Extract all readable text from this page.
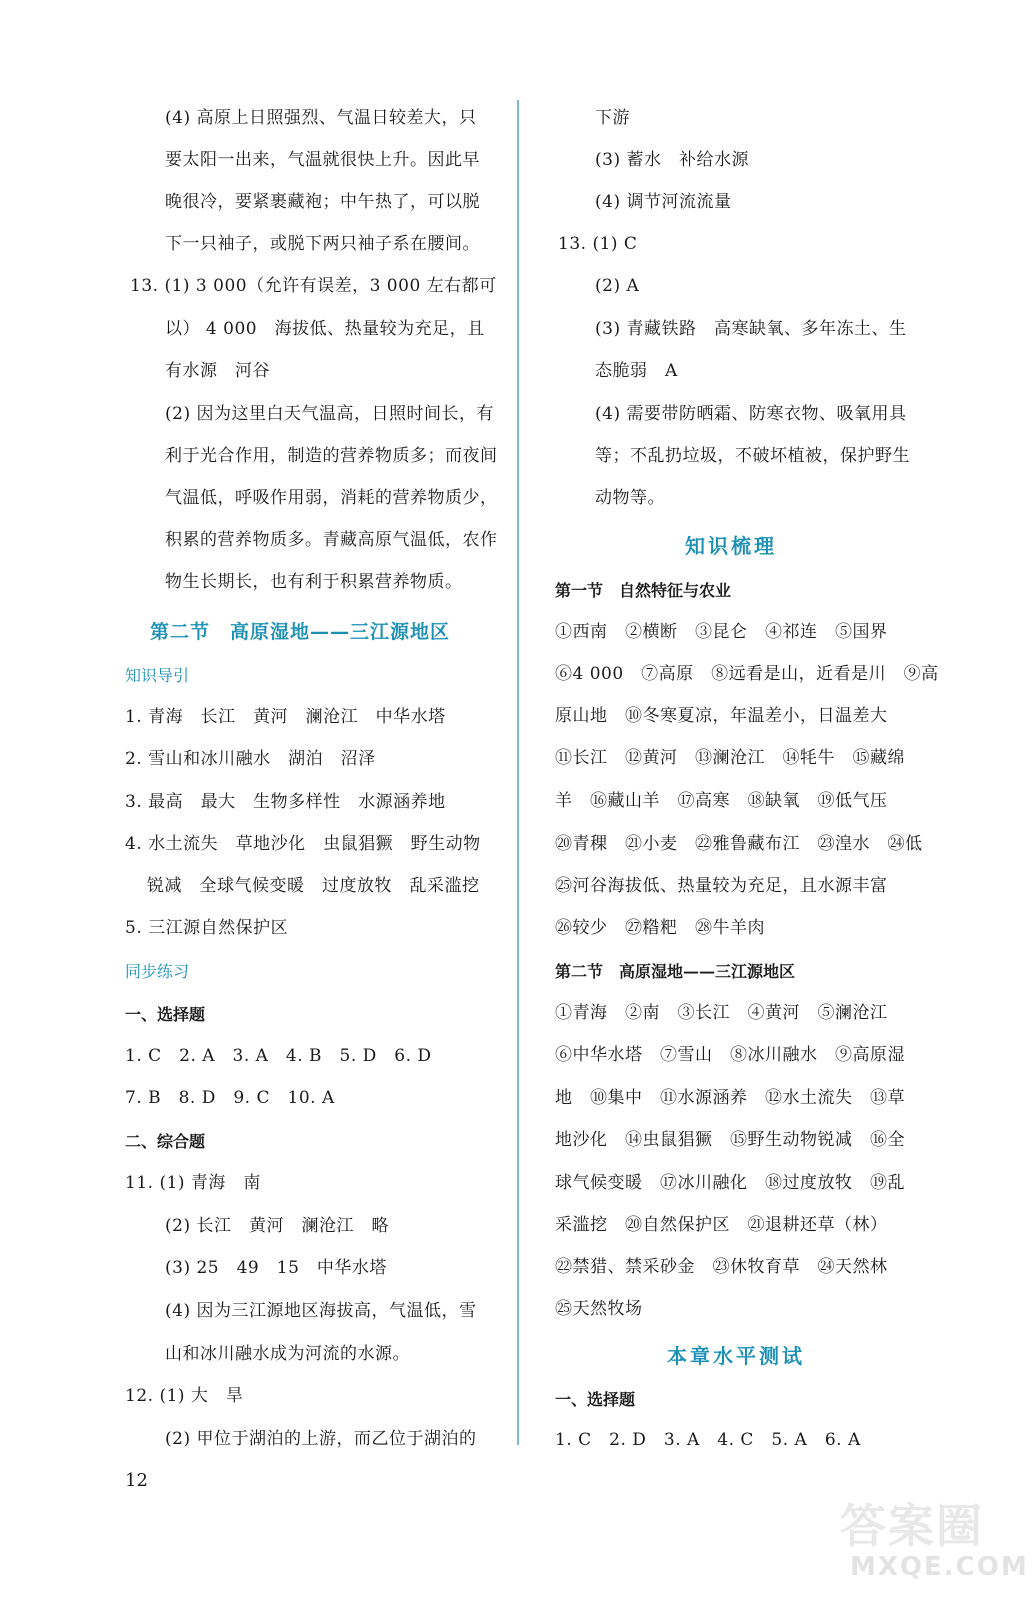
(4) 高原上日照强烈、气温日较差大，只
要太阳一出来，气温就很快上升。因此早
晚很冷，要紧裹藏袍；中午热了，可以脱
下一只袖子，或脱下两只袖子系在腰间。
13. (1) 3 000（允许有误差，3 000 左右都可
以） 4 000　海拔低、热量较为充足，且
有水源　河谷
(2) 因为这里白天气温高，日照时间长，有
利于光合作用，制造的营养物质多；而夜间
气温低，呼吸作用弱，消耗的营养物质少，
积累的营养物质多。青藏高原气温低，农作
物生长期长，也有利于积累营养物质。
第二节　高原湿地——三江源地区
知识导引
1. 青海　长江　黄河　澜沧江　中华水塔
2. 雪山和冰川融水　湖泊　沼泽
3. 最高　最大　生物多样性　水源涵养地
4. 水土流失　草地沙化　虫鼠猖獗　野生动物
锐减　全球气候变暖　过度放牧　乱采滥挖
5. 三江源自然保护区
同步练习
一、选择题
1. C　2. A　3. A　4. B　5. D　6. D
7. B　8. D　9. C　10. A
二、综合题
11. (1) 青海　南
(2) 长江　黄河　澜沧江　略
(3) 25　49　15　中华水塔
(4) 因为三江源地区海拔高，气温低，雪
山和冰川融水成为河流的水源。
12. (1) 大　旱
(2) 甲位于湖泊的上游，而乙位于湖泊的
下游
(3) 蓄水　补给水源
(4) 调节河流流量
13. (1) C
(2) A
(3) 青藏铁路　高寒缺氧、多年冻土、生
态脆弱　A
(4) 需要带防晒霜、防寒衣物、吸氧用具
等；不乱扔垃圾，不破坏植被，保护野生
动物等。
知识梳理
第一节　自然特征与农业
①西南　②横断　③昆仑　④祁连　⑤国界
⑥4 000　⑦高原　⑧远看是山，近看是川　⑨高
原山地　⑩冬寒夏凉，年温差小，日温差大
⑪长江　⑫黄河　⑬澜沧江　⑭牦牛　⑮藏绵
羊　⑯藏山羊　⑰高寒　⑱缺氧　⑲低气压
⑳青稞　㉑小麦　㉒雅鲁藏布江　㉓湟水　㉔低
㉕河谷海拔低、热量较为充足，且水源丰富
㉖较少　㉗糌粑　㉘牛羊肉
第二节　高原湿地——三江源地区
①青海　②南　③长江　④黄河　⑤澜沧江
⑥中华水塔　⑦雪山　⑧冰川融水　⑨高原湿
地　⑩集中　⑪水源涵养　⑫水土流失　⑬草
地沙化　⑭虫鼠猖獗　⑮野生动物锐减　⑯全
球气候变暖　⑰冰川融化　⑱过度放牧　⑲乱
采滥挖　⑳自然保护区　㉑退耕还草（林）
㉒禁猎、禁采砂金　㉓休牧育草　㉔天然林
㉕天然牧场
本章水平测试
一、选择题
1. C　2. D　3. A　4. C　5. A　6. A
12
答案圈
MXQE.COM
